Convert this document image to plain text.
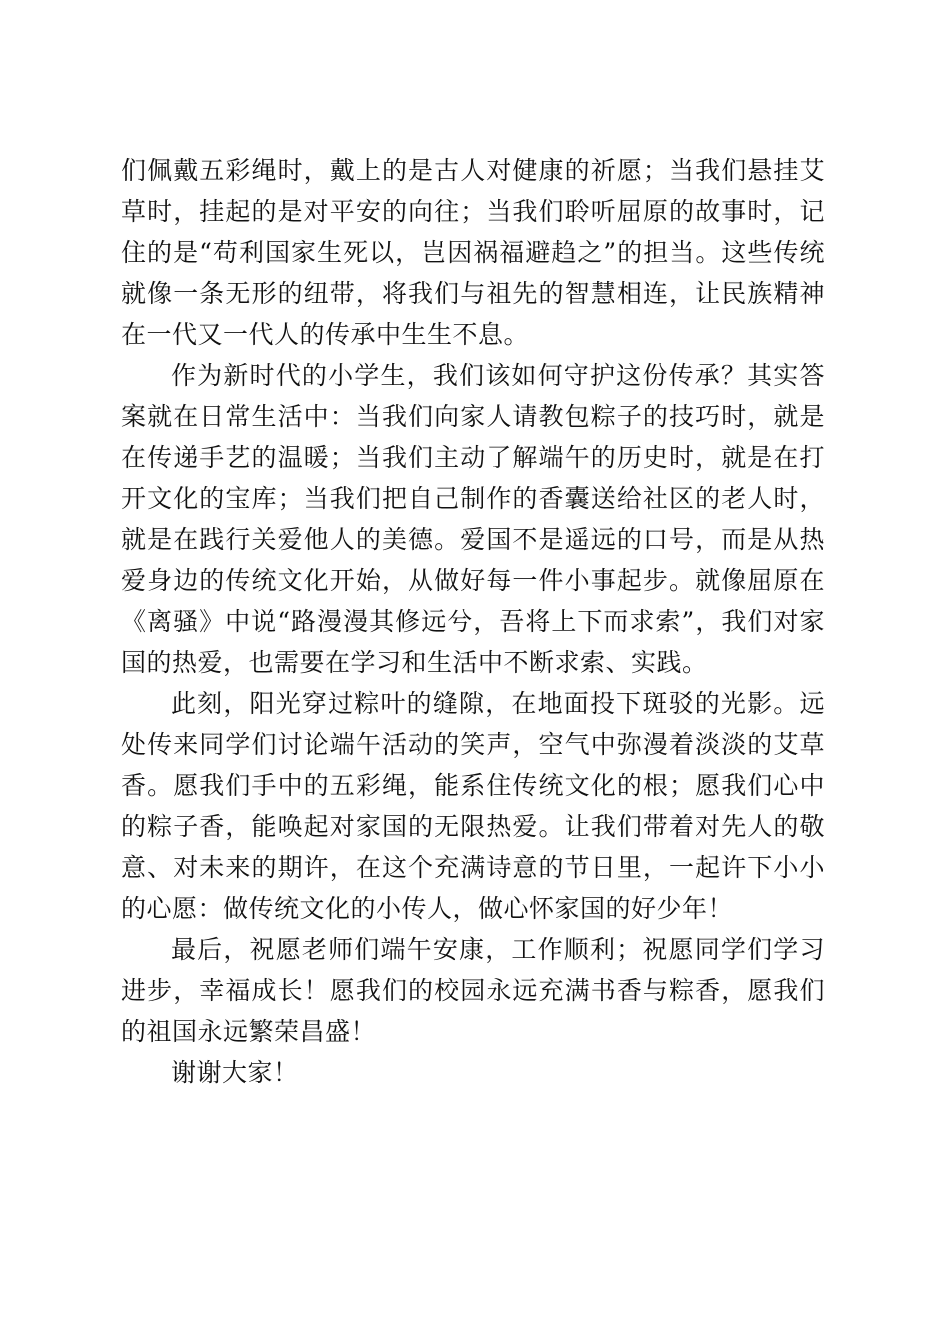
们佩戴五彩绳时，戴上的是古人对健康的祈愿；当我们悬挂艾草时，挂起的是对平安的向往；当我们聆听屈原的故事时，记住的是“苟利国家生死以，岂因祸福避趋之”的担当。这些传统就像一条无形的纽带，将我们与祖先的智慧相连，让民族精神在一代又一代人的传承中生生不息。

作为新时代的小学生，我们该如何守护这份传承？其实答案就在日常生活中：当我们向家人请教包粽子的技巧时，就是在传递手艺的温暖；当我们主动了解端午的历史时，就是在打开文化的宝库；当我们把自己制作的香囊送给社区的老人时，就是在践行关爱他人的美德。爱国不是遥远的口号，而是从热爱身边的传统文化开始，从做好每一件小事起步。就像屈原在《离骚》中说“路漫漫其修远兮，吾将上下而求索”，我们对家国的热爱，也需要在学习和生活中不断求索、实践。

此刻，阳光穿过粽叶的缝隙，在地面投下斑驳的光影。远处传来同学们讨论端午活动的笑声，空气中弥漫着淡淡的艾草香。愿我们手中的五彩绳，能系住传统文化的根；愿我们心中的粽子香，能唤起对家国的无限热爱。让我们带着对先人的敬意、对未来的期许，在这个充满诗意的节日里，一起许下小小的心愿：做传统文化的小传人，做心怀家国的好少年！

最后，祝愿老师们端午安康，工作顺利；祝愿同学们学习进步，幸福成长！愿我们的校园永远充满书香与粽香，愿我们的祖国永远繁荣昌盛！

谢谢大家！
